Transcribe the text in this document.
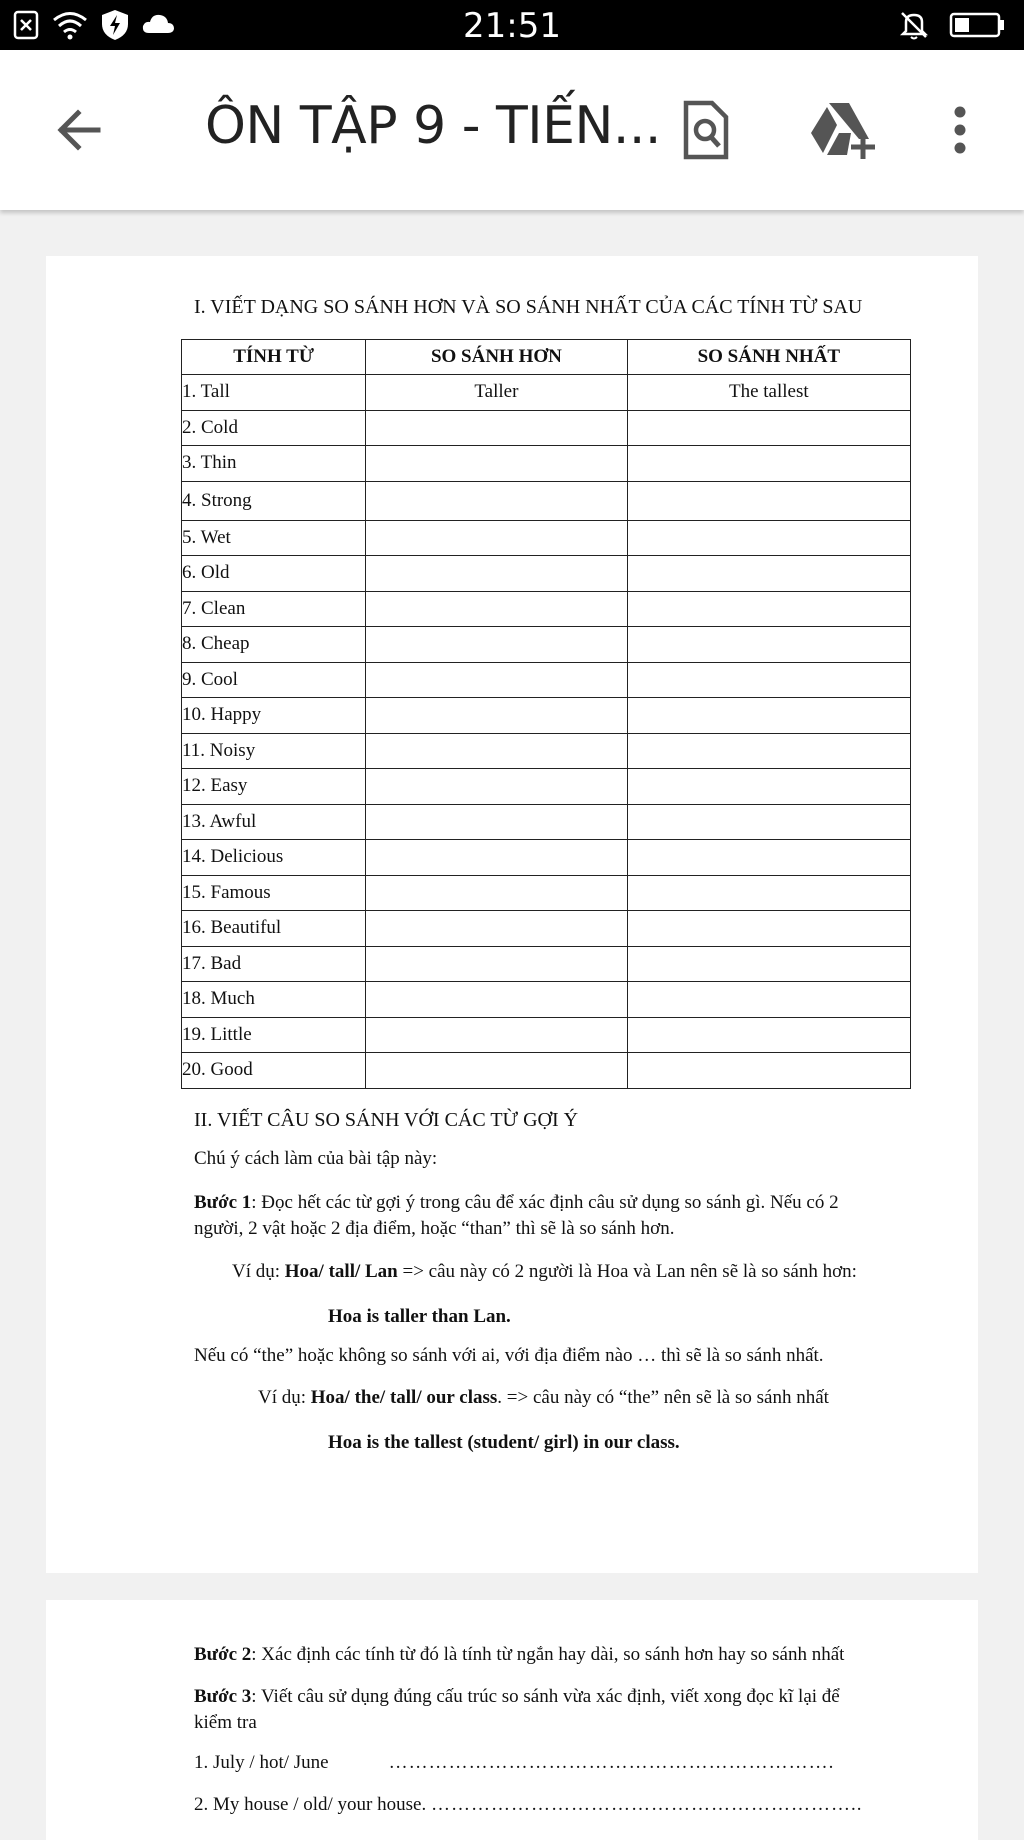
21:51
ÔN TẬP 9 - TIẾN...
I. VIẾT DẠNG SO SÁNH HƠN VÀ SO SÁNH NHẤT CỦA CÁC TÍNH TỪ SAU
TÍNH TỪ	SO SÁNH HƠN	SO SÁNH NHẤT
1. Tall	Taller	The tallest
2. Cold		
3. Thin		
4. Strong		
5. Wet		
6. Old		
7. Clean		
8. Cheap		
9. Cool		
10. Happy		
11. Noisy		
12. Easy		
13. Awful		
14. Delicious		
15. Famous		
16. Beautiful		
17. Bad		
18. Much		
19. Little		
20. Good		
II. VIẾT CÂU SO SÁNH VỚI CÁC TỪ GỢI Ý
Chú ý cách làm của bài tập này:
Bước 1: Đọc hết các từ gợi ý trong câu để xác định câu sử dụng so sánh gì. Nếu có 2 người, 2 vật hoặc 2 địa điểm, hoặc “than” thì sẽ là so sánh hơn.
Ví dụ: Hoa/ tall/ Lan => câu này có 2 người là Hoa và Lan nên sẽ là so sánh hơn:
Hoa is taller than Lan.
Nếu có “the” hoặc không so sánh với ai, với địa điểm nào … thì sẽ là so sánh nhất.
Ví dụ: Hoa/ the/ tall/ our class. => câu này có “the” nên sẽ là so sánh nhất
Hoa is the tallest (student/ girl) in our class.
Bước 2: Xác định các tính từ đó là tính từ ngắn hay dài, so sánh hơn hay so sánh nhất
Bước 3: Viết câu sử dụng đúng cấu trúc so sánh vừa xác định, viết xong đọc kĩ lại để kiểm tra
1. July / hot/ June	………………………………………………………….
2. My house / old/ your house. ………………………………………………………..
